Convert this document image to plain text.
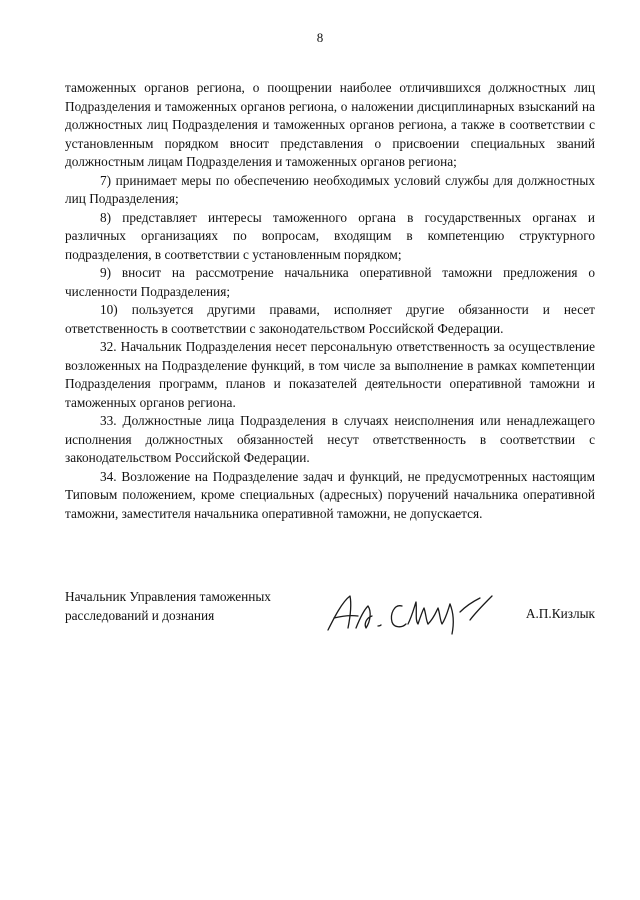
8

таможенных органов региона, о поощрении наиболее отличившихся должностных лиц Подразделения и таможенных органов региона, о наложении дисциплинарных взысканий на должностных лиц Подразделения и таможенных органов региона, а также в соответствии с установленным порядком вносит представления о присвоении специальных званий должностным лицам Подразделения и таможенных органов региона;

7) принимает меры по обеспечению необходимых условий службы для должностных лиц Подразделения;

8) представляет интересы таможенного органа в государственных органах и различных организациях по вопросам, входящим в компетенцию структурного подразделения, в соответствии с установленным порядком;

9) вносит на рассмотрение начальника оперативной таможни предложения о численности Подразделения;

10) пользуется другими правами, исполняет другие обязанности и несет ответственность в соответствии с законодательством Российской Федерации.

32. Начальник Подразделения несет персональную ответственность за осуществление возложенных на Подразделение функций, в том числе за выполнение в рамках компетенции Подразделения программ, планов и показателей деятельности оперативной таможни и таможенных органов региона.

33. Должностные лица Подразделения в случаях неисполнения или ненадлежащего исполнения должностных обязанностей несут ответственность в соответствии с законодательством Российской Федерации.

34. Возложение на Подразделение задач и функций, не предусмотренных настоящим Типовым положением, кроме специальных (адресных) поручений начальника оперативной таможни, заместителя начальника оперативной таможни, не допускается.

Начальник Управления таможенных расследований и дознания	А.П.Кизлык
